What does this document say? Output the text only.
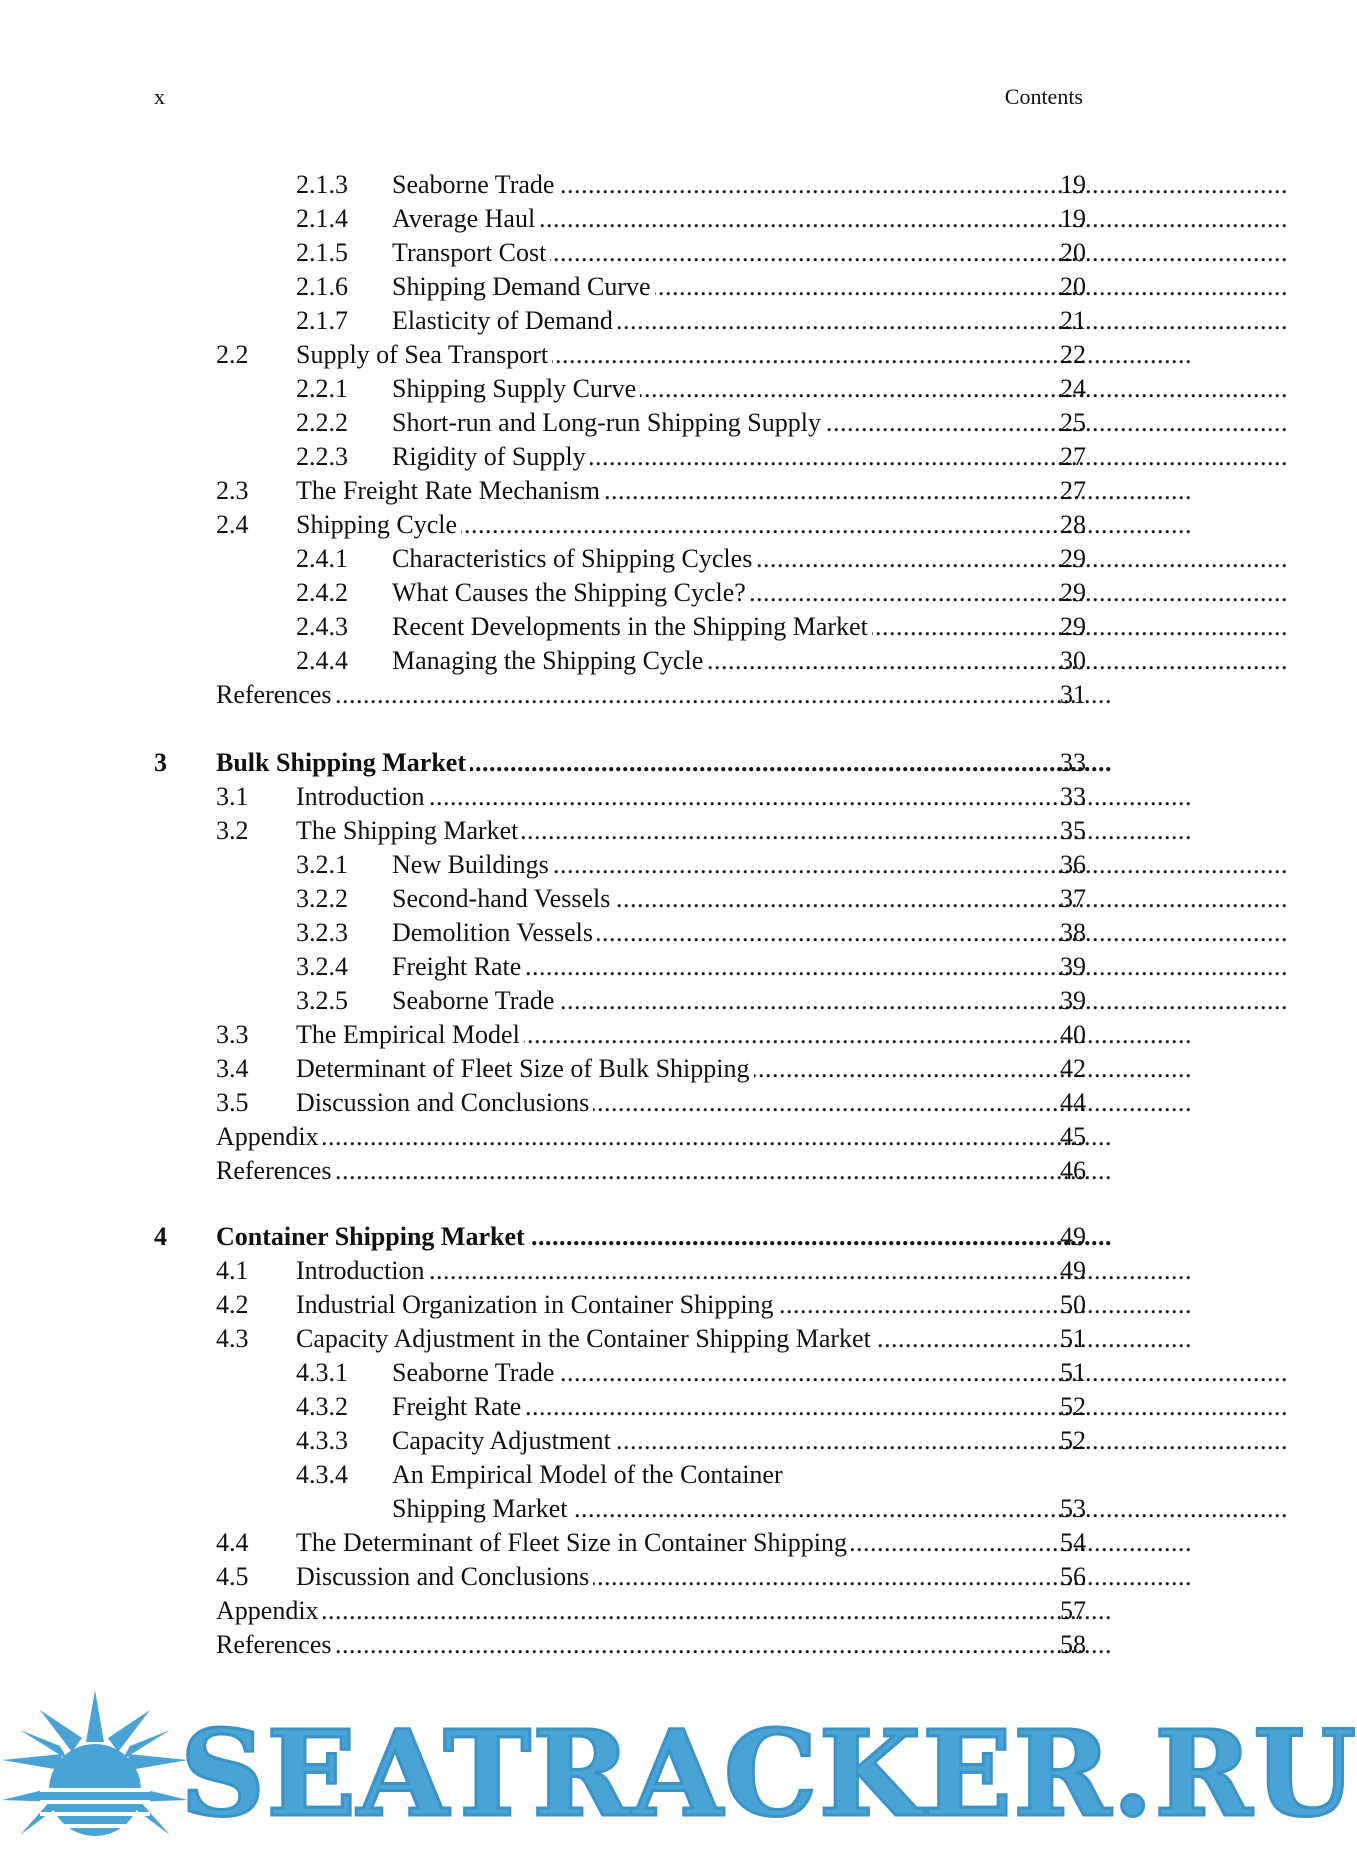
x	Contents
2.1.3 Seaborne Trade . . .	19
2.1.4 Average Haul . . .	19
2.1.5 Transport Cost . . .	20
2.1.6 Shipping Demand Curve . . .	20
2.1.7 Elasticity of Demand . . .	21
2.2 Supply of Sea Transport . . .	22
2.2.1 Shipping Supply Curve . . .	24
2.2.2 Short-run and Long-run Shipping Supply . . .	25
2.2.3 Rigidity of Supply . . .	27
2.3 The Freight Rate Mechanism . . .	27
2.4 Shipping Cycle . . .	28
2.4.1 Characteristics of Shipping Cycles . . .	29
2.4.2 What Causes the Shipping Cycle? . . .	29
2.4.3 Recent Developments in the Shipping Market . . .	29
2.4.4 Managing the Shipping Cycle . . .	30
References . . .	31
3 Bulk Shipping Market . . .	33
3.1 Introduction . . .	33
3.2 The Shipping Market . . .	35
3.2.1 New Buildings . . .	36
3.2.2 Second-hand Vessels . . .	37
3.2.3 Demolition Vessels . . .	38
3.2.4 Freight Rate . . .	39
3.2.5 Seaborne Trade . . .	39
3.3 The Empirical Model . . .	40
3.4 Determinant of Fleet Size of Bulk Shipping . . .	42
3.5 Discussion and Conclusions . . .	44
Appendix . . .	45
References . . .	46
4 Container Shipping Market . . .	49
4.1 Introduction . . .	49
4.2 Industrial Organization in Container Shipping . . .	50
4.3 Capacity Adjustment in the Container Shipping Market . . .	51
4.3.1 Seaborne Trade . . .	51
4.3.2 Freight Rate . . .	52
4.3.3 Capacity Adjustment . . .	52
4.3.4 An Empirical Model of the Container
Shipping Market . . .	53
4.4 The Determinant of Fleet Size in Container Shipping . . .	54
4.5 Discussion and Conclusions . . .	56
Appendix . . .	57
References . . .	58
SEATRACKER.RU
